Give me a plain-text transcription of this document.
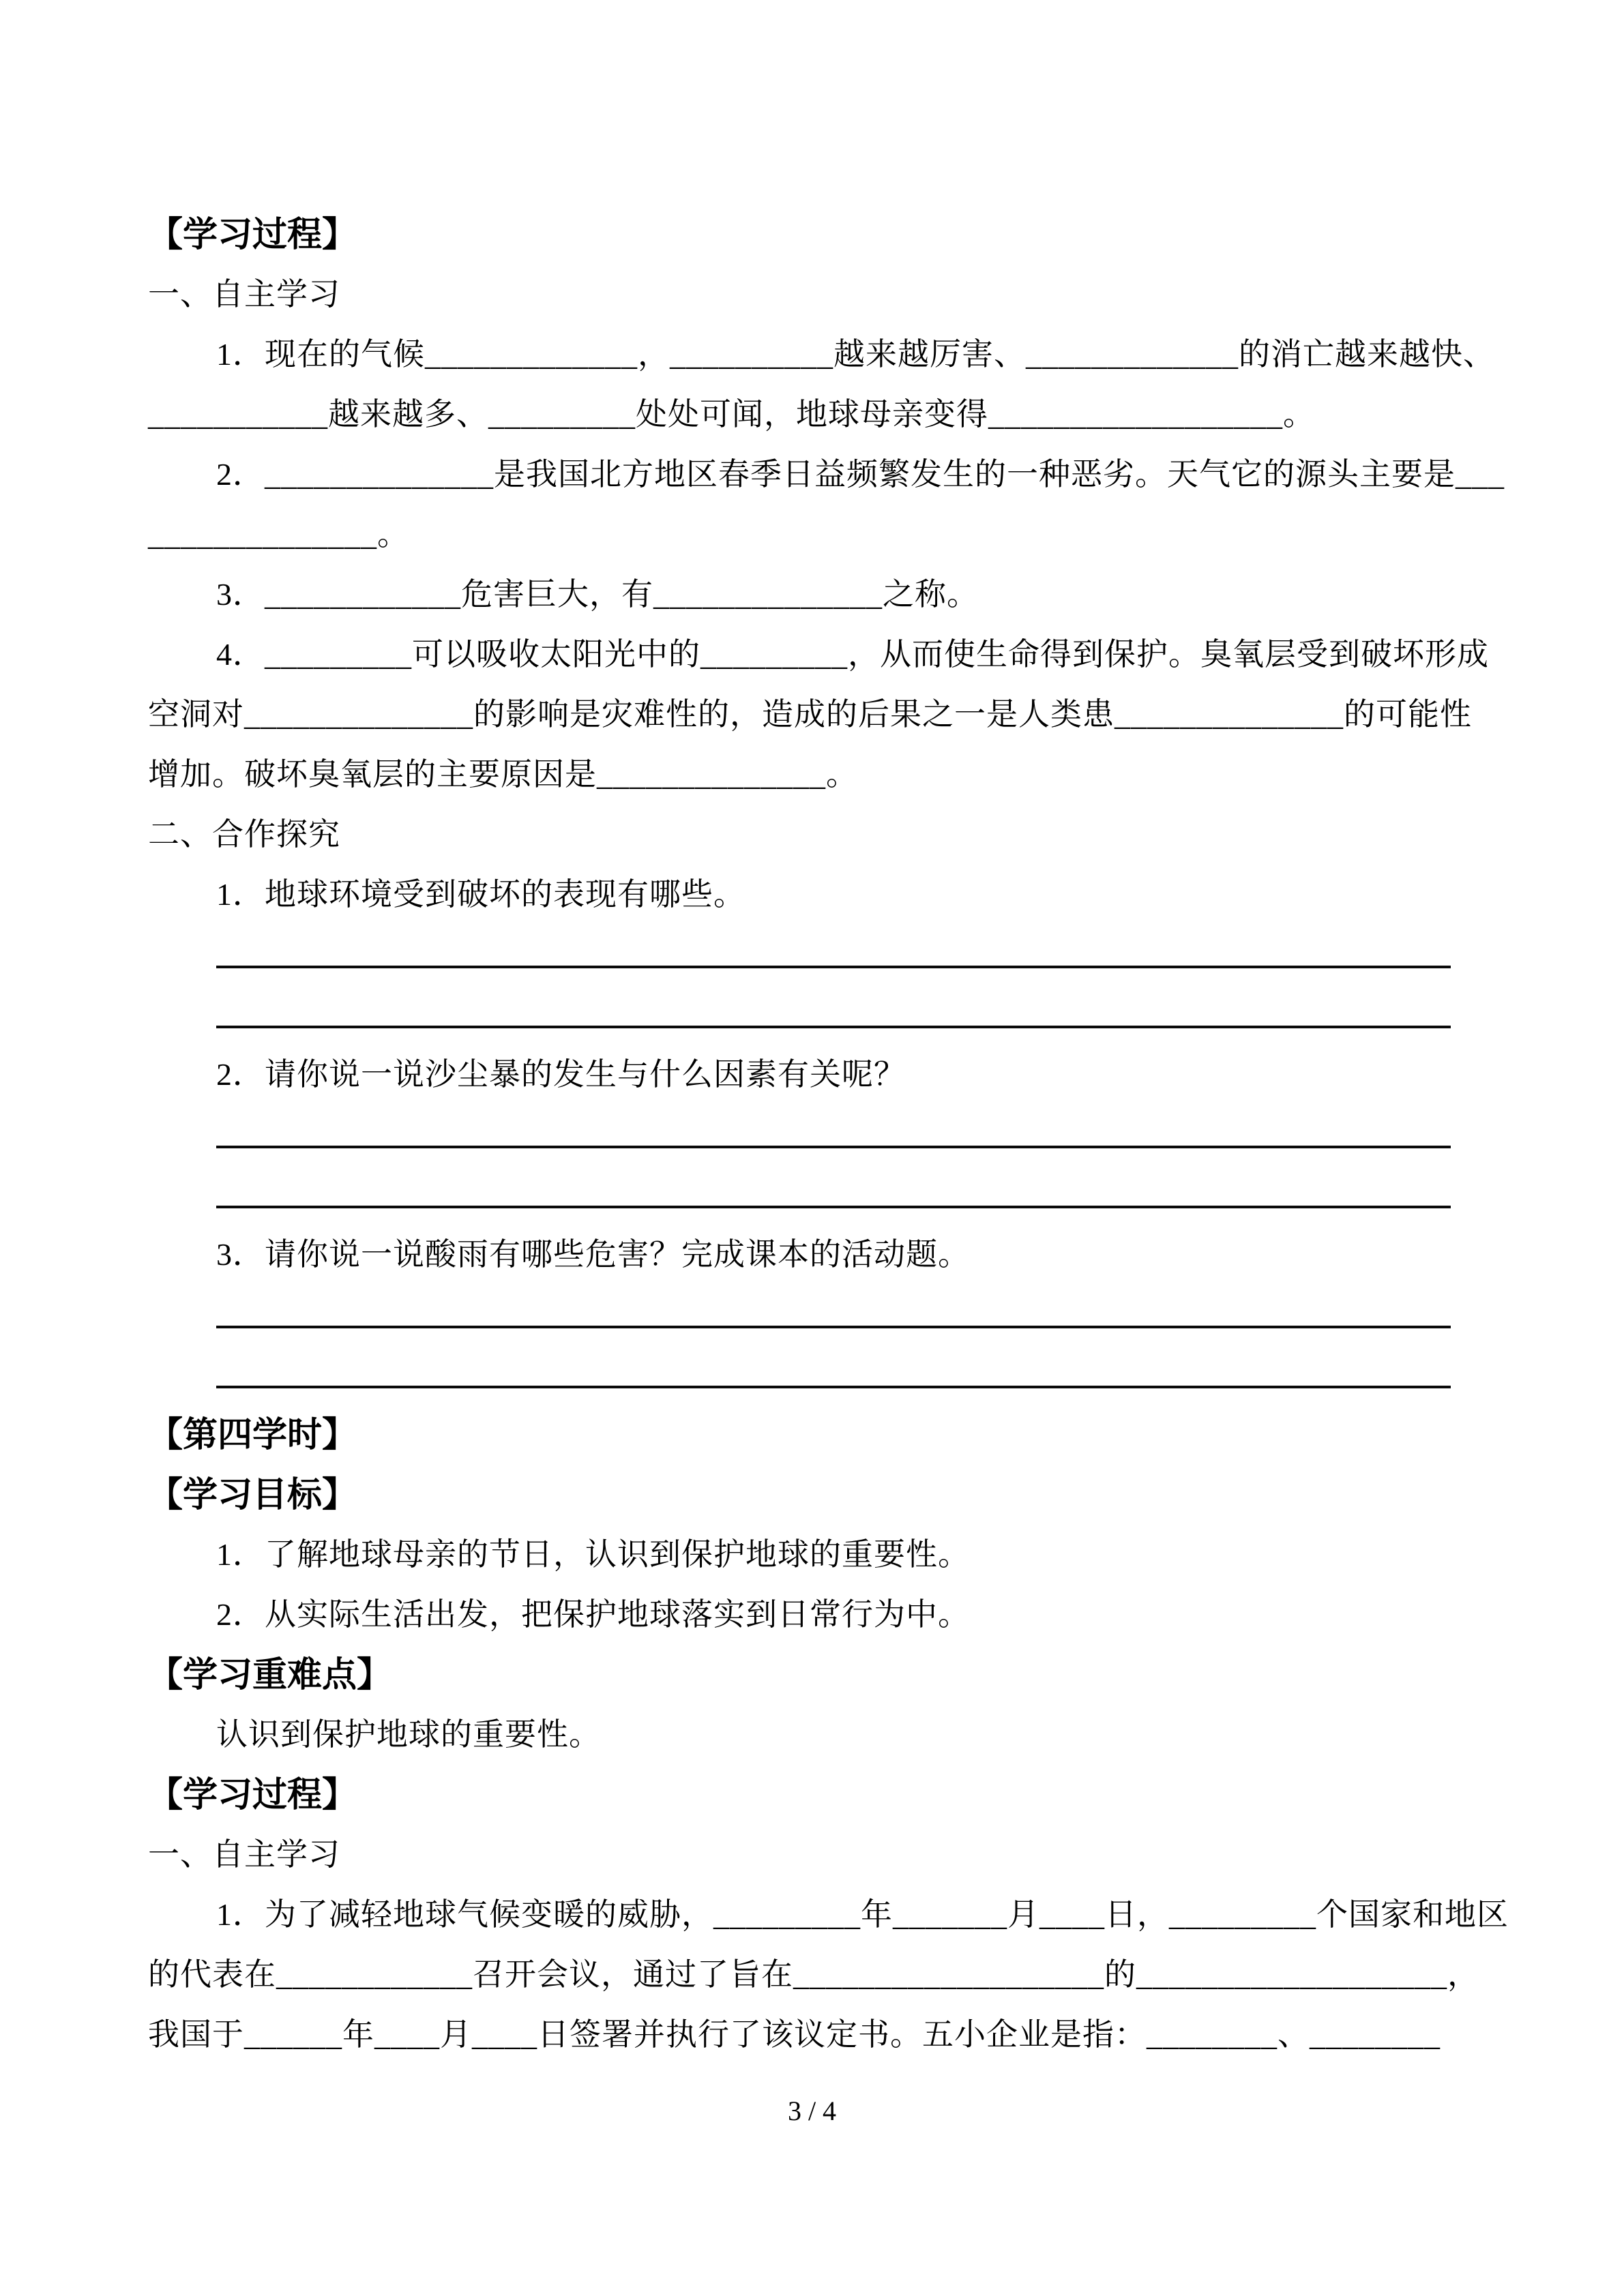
【学习过程】
一、自主学习
1．现在的气候_____________，__________越来越厉害、_____________的消亡越来越快、
___________越来越多、_________处处可闻，地球母亲变得__________________。
2．______________是我国北方地区春季日益频繁发生的一种恶劣。天气它的源头主要是___
______________。
3．____________危害巨大，有______________之称。
4．_________可以吸收太阳光中的_________，从而使生命得到保护。臭氧层受到破坏形成
空洞对______________的影响是灾难性的，造成的后果之一是人类患______________的可能性
增加。破坏臭氧层的主要原因是______________。
二、合作探究
1．地球环境受到破坏的表现有哪些。
2．请你说一说沙尘暴的发生与什么因素有关呢？
3．请你说一说酸雨有哪些危害？完成课本的活动题。
【第四学时】
【学习目标】
1．了解地球母亲的节日，认识到保护地球的重要性。
2．从实际生活出发，把保护地球落实到日常行为中。
【学习重难点】
认识到保护地球的重要性。
【学习过程】
一、自主学习
1．为了减轻地球气候变暖的威胁，_________年_______月____日，_________个国家和地区
的代表在____________召开会议，通过了旨在___________________的___________________，
我国于______年____月____日签署并执行了该议定书。五小企业是指：________、________
3 / 4
